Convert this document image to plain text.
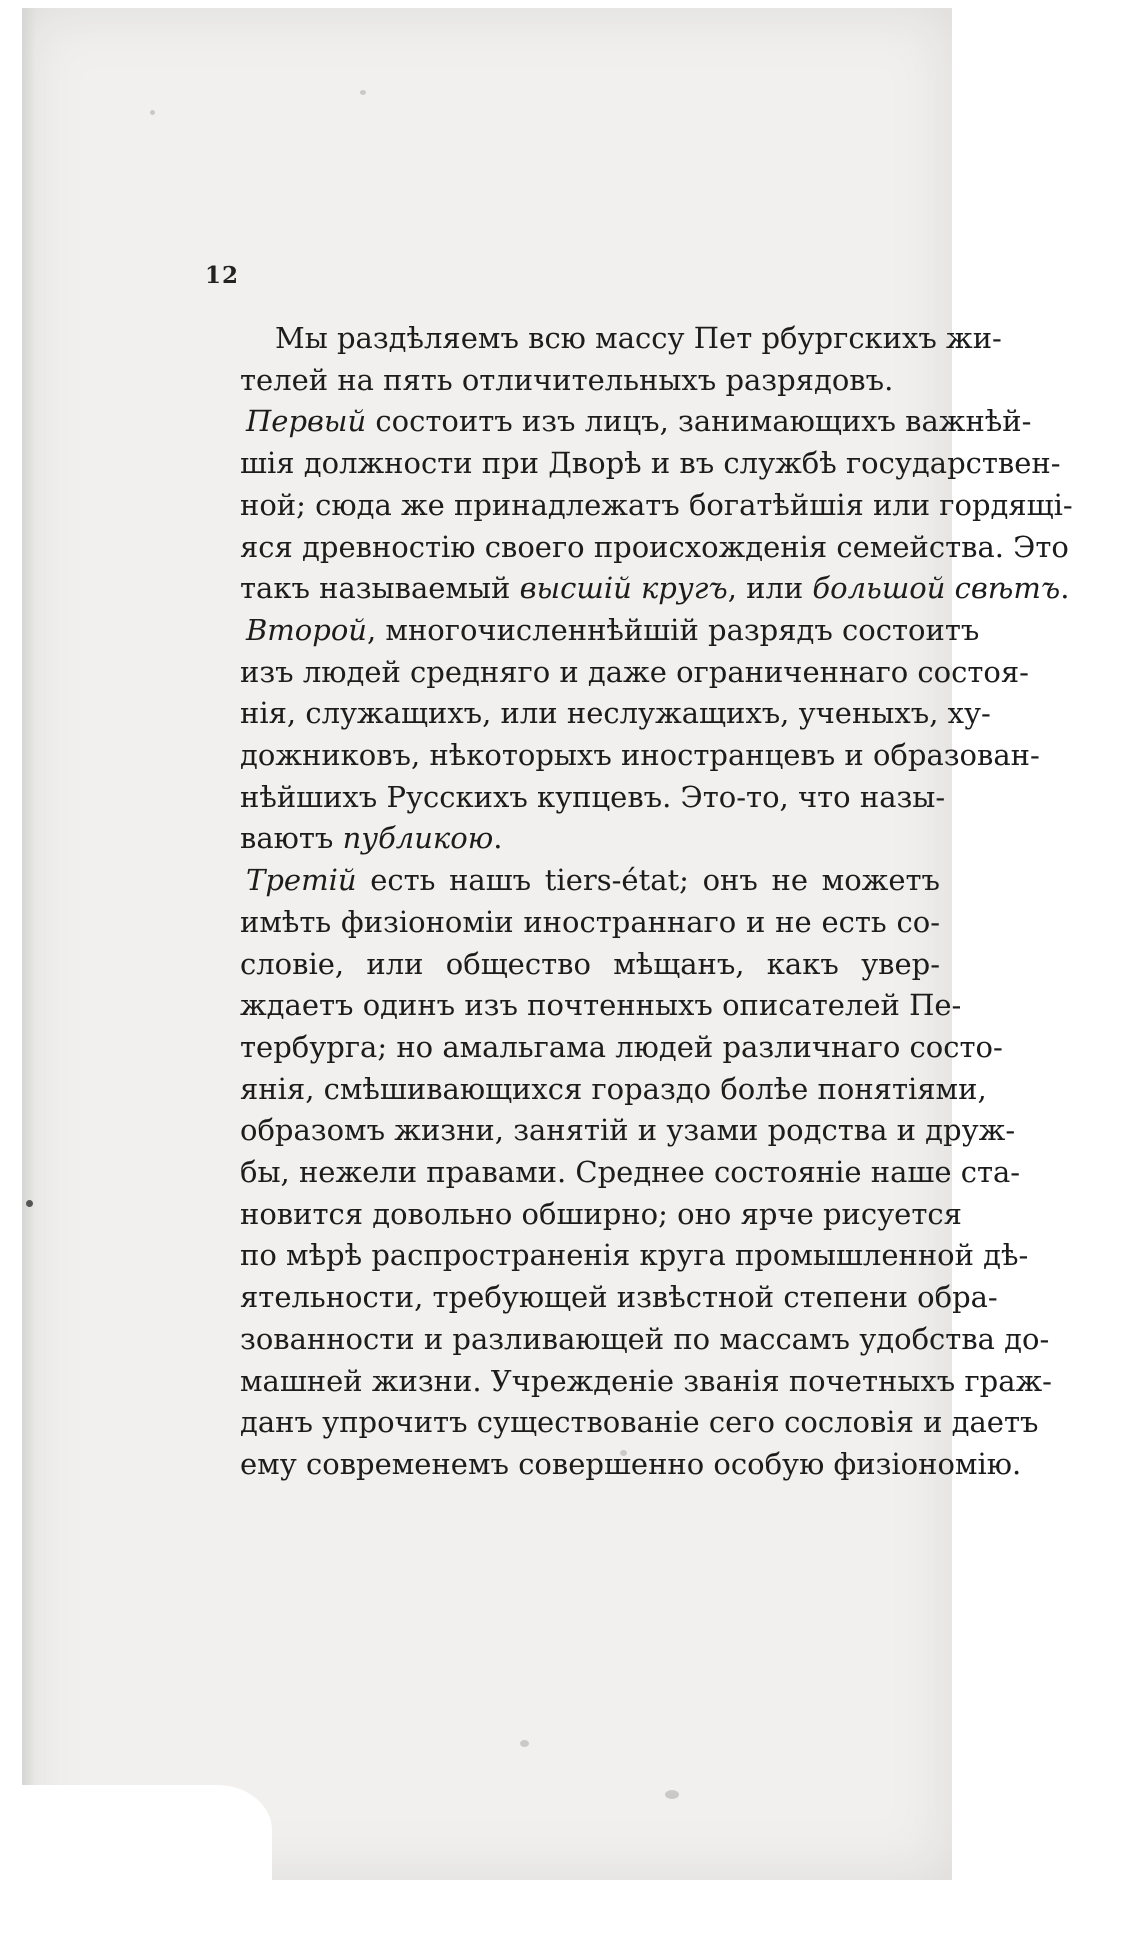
12
 Мы раздѣляемъ всю массу Пет рбургскихъ жи-
телей на пять отличительныхъ разрядовъ.
Первый состоитъ изъ лицъ, занимающихъ важнѣй-
шія должности при Дворѣ и въ службѣ государствен-
ной; сюда же принадлежатъ богатѣйшія или гордящі-
яся древностію своего происхожденія семейства. Это
такъ называемый высшій кругъ, или большой свѣтъ.
Второй, многочисленнѣйшій разрядъ состоитъ
изъ людей средняго и даже ограниченнаго состоя-
нія, служащихъ, или неслужащихъ, ученыхъ, ху-
дожниковъ, нѣкоторыхъ иностранцевъ и образован-
нѣйшихъ Русскихъ купцевъ. Это-то, что назы-
ваютъ публикою.
Третій есть нашъ tiers-état; онъ не можетъ
имѣть физіономіи иностраннаго и не есть со-
словіе, или общество мѣщанъ, какъ увер-
ждаетъ одинъ изъ почтенныхъ описателей Пе-
тербурга; но амальгама людей различнаго состо-
янія, смѣшивающихся гораздо болѣе понятіями,
образомъ жизни, занятій и узами родства и друж-
бы, нежели правами. Среднее состояніе наше ста-
новится довольно обширно; оно ярче рисуется
по мѣрѣ распространенія круга промышленной дѣ-
ятельности, требующей извѣстной степени обра-
зованности и разливающей по массамъ удобства до-
машней жизни. Учрежденіе званія почетныхъ граж-
данъ упрочитъ существованіе сего сословія и даетъ
ему современемъ совершенно особую физіономію.
